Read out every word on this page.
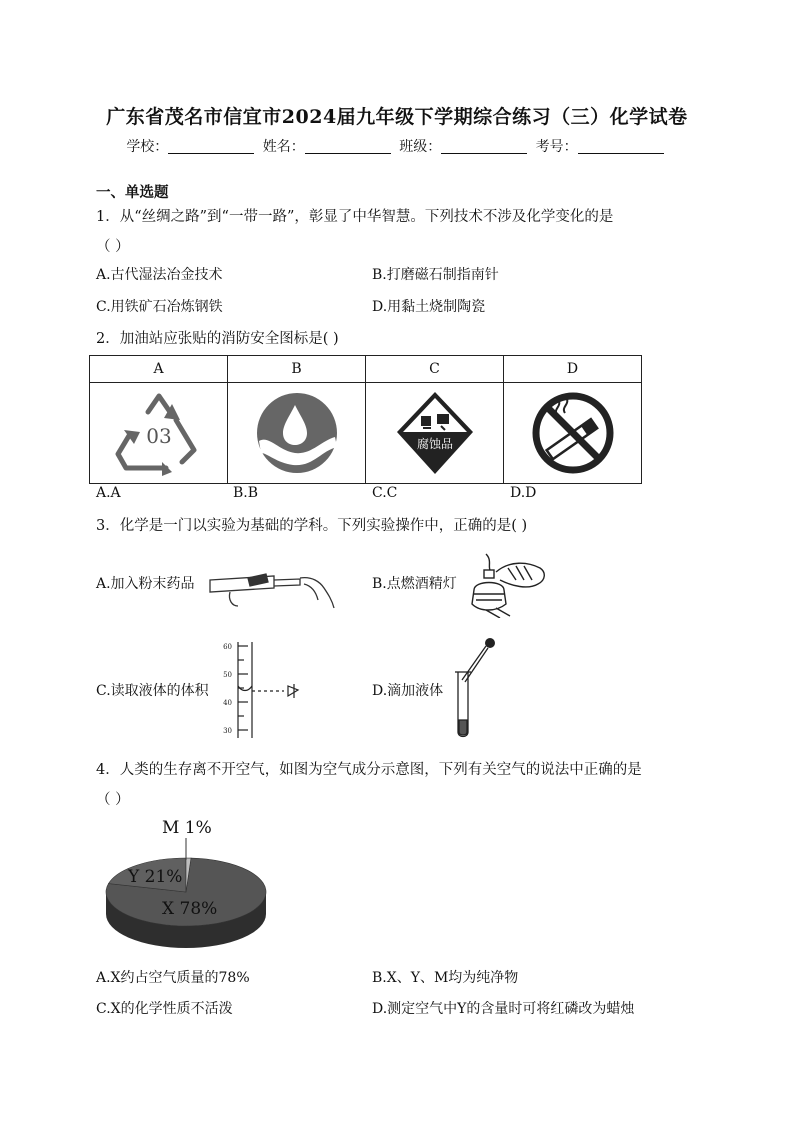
广东省茂名市信宜市2024届九年级下学期综合练习（三）化学试卷
学校：	姓名：	班级：	考号：
一、单选题
1．从“丝绸之路”到“一带一路”，彰显了中华智慧。下列技术不涉及化学变化的是
（ ）
A.古代湿法冶金技术	B.打磨磁石制指南针
C.用铁矿石冶炼钢铁	D.用黏土烧制陶瓷
2．加油站应张贴的消防安全图标是( )
A	B	C	D

03		腐蚀品

A.A	B.B	C.C	D.D
3．化学是一门以实验为基础的学科。下列实验操作中，正确的是( )
A.加入粉末药品	B.点燃酒精灯
C.读取液体的体积
60
50
40
30
D.滴加液体
4．人类的生存离不开空气，如图为空气成分示意图，下列有关空气的说法中正确的是
（ ）
X 78%
Y 21%
M 1%
A.X约占空气质量的78%	B.X、Y、M均为纯净物
C.X的化学性质不活泼	D.测定空气中Y的含量时可将红磷改为蜡烛
